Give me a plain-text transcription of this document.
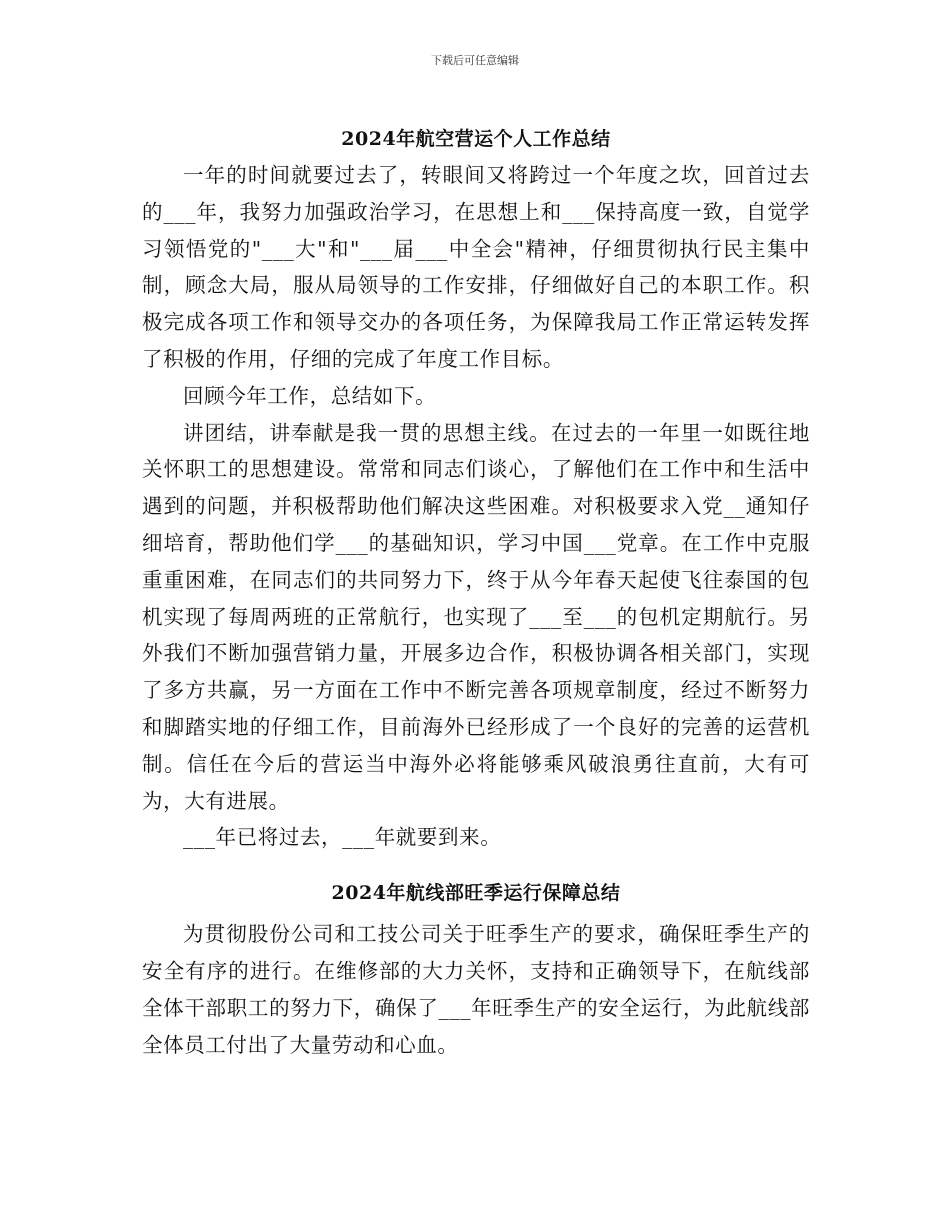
下载后可任意编辑
2024年航空营运个人工作总结

一年的时间就要过去了，转眼间又将跨过一个年度之坎，回首过去的___年，我努力加强政治学习，在思想上和___保持高度一致，自觉学习领悟党的"___大"和"___届___中全会"精神，仔细贯彻执行民主集中制，顾念大局，服从局领导的工作安排，仔细做好自己的本职工作。积极完成各项工作和领导交办的各项任务，为保障我局工作正常运转发挥了积极的作用，仔细的完成了年度工作目标。

回顾今年工作，总结如下。

讲团结，讲奉献是我一贯的思想主线。在过去的一年里一如既往地关怀职工的思想建设。常常和同志们谈心，了解他们在工作中和生活中遇到的问题，并积极帮助他们解决这些困难。对积极要求入党__通知仔细培育，帮助他们学___的基础知识，学习中国___党章。在工作中克服重重困难，在同志们的共同努力下，终于从今年春天起使飞往泰国的包机实现了每周两班的正常航行，也实现了___至___的包机定期航行。另外我们不断加强营销力量，开展多边合作，积极协调各相关部门，实现了多方共赢，另一方面在工作中不断完善各项规章制度，经过不断努力和脚踏实地的仔细工作，目前海外已经形成了一个良好的完善的运营机制。信任在今后的营运当中海外必将能够乘风破浪勇往直前，大有可为，大有进展。

___年已将过去，___年就要到来。

2024年航线部旺季运行保障总结

为贯彻股份公司和工技公司关于旺季生产的要求，确保旺季生产的安全有序的进行。在维修部的大力关怀，支持和正确领导下，在航线部全体干部职工的努力下，确保了___年旺季生产的安全运行，为此航线部全体员工付出了大量劳动和心血。
